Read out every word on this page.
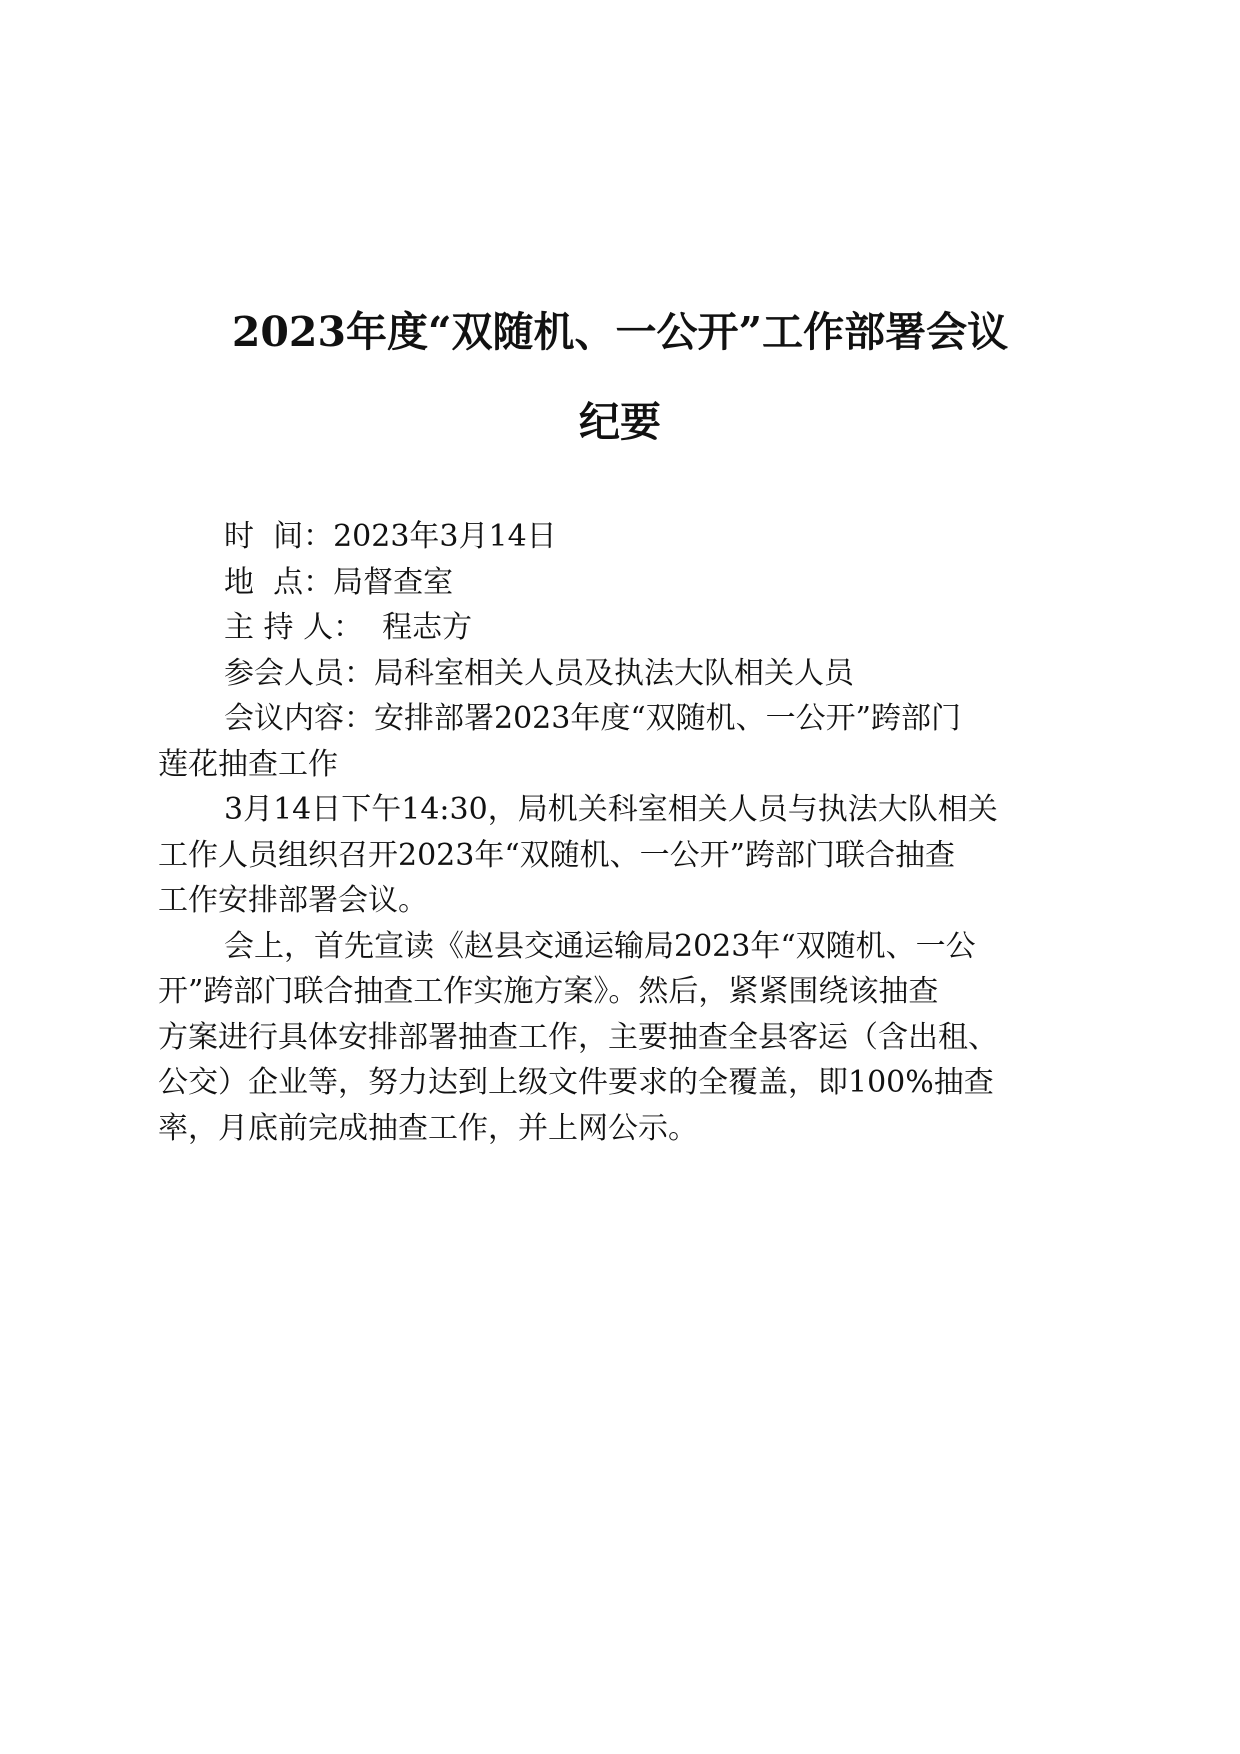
2023年度“双随机、一公开”工作部署会议
纪要
时  间：2023年3月14日
地  点：局督查室
主 持 人：  程志方
参会人员：局科室相关人员及执法大队相关人员
会议内容：安排部署2023年度“双随机、一公开”跨部门
莲花抽查工作
3月14日下午14:30，局机关科室相关人员与执法大队相关
工作人员组织召开2023年“双随机、一公开”跨部门联合抽查
工作安排部署会议。
会上，首先宣读《赵县交通运输局2023年“双随机、一公
开”跨部门联合抽查工作实施方案》。然后，紧紧围绕该抽查
方案进行具体安排部署抽查工作，主要抽查全县客运（含出租、
公交）企业等，努力达到上级文件要求的全覆盖，即100%抽查
率，月底前完成抽查工作，并上网公示。
